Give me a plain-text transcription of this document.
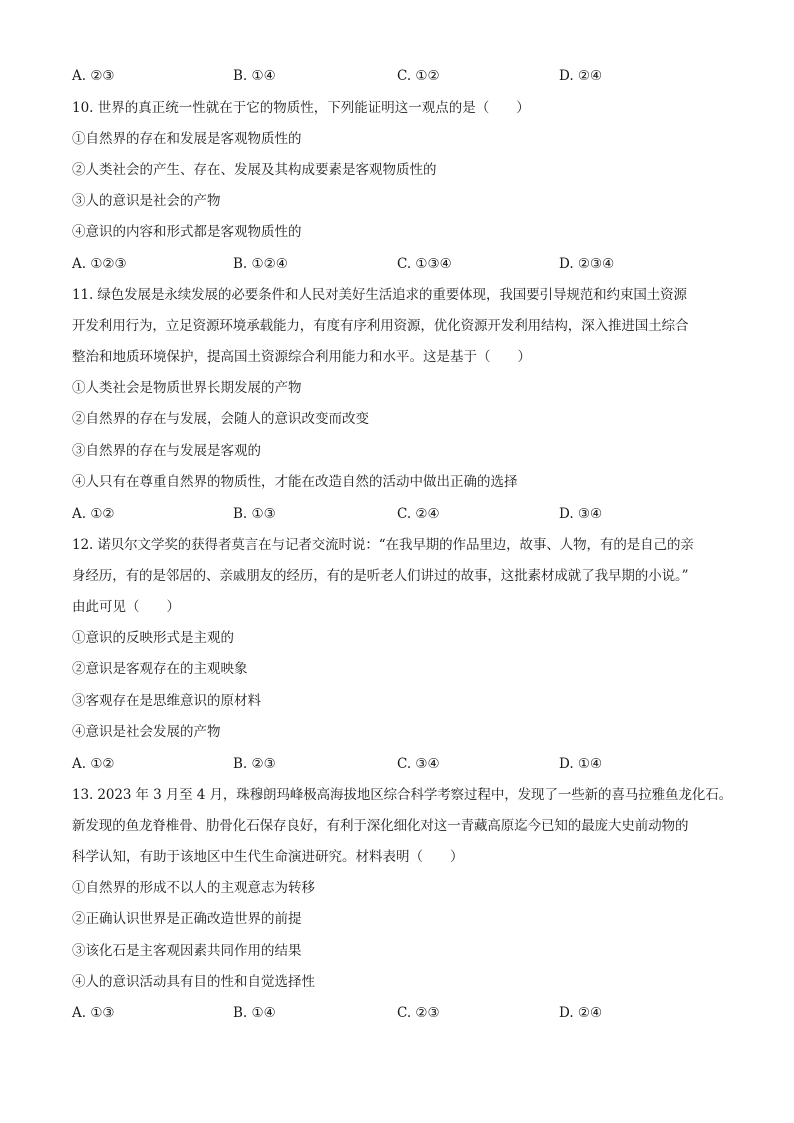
A. ②③	B. ①④	C. ①②	D. ②④
10. 世界的真正统一性就在于它的物质性，下列能证明这一观点的是（　　）
①自然界的存在和发展是客观物质性的
②人类社会的产生、存在、发展及其构成要素是客观物质性的
③人的意识是社会的产物
④意识的内容和形式都是客观物质性的
A. ①②③	B. ①②④	C. ①③④	D. ②③④
11. 绿色发展是永续发展的必要条件和人民对美好生活追求的重要体现，我国要引导规范和约束国土资源
开发利用行为，立足资源环境承载能力，有度有序利用资源，优化资源开发利用结构，深入推进国土综合
整治和地质环境保护，提高国土资源综合利用能力和水平。这是基于（　　）
①人类社会是物质世界长期发展的产物
②自然界的存在与发展，会随人的意识改变而改变
③自然界的存在与发展是客观的
④人只有在尊重自然界的物质性，才能在改造自然的活动中做出正确的选择
A. ①②	B. ①③	C. ②④	D. ③④
12. 诺贝尔文学奖的获得者莫言在与记者交流时说：“在我早期的作品里边，故事、人物，有的是自己的亲
身经历，有的是邻居的、亲戚朋友的经历，有的是听老人们讲过的故事，这批素材成就了我早期的小说。”
由此可见（　　）
①意识的反映形式是主观的
②意识是客观存在的主观映象
③客观存在是思维意识的原材料
④意识是社会发展的产物
A. ①②	B. ②③	C. ③④	D. ①④
13. 2023 年 3 月至 4 月，珠穆朗玛峰极高海拔地区综合科学考察过程中，发现了一些新的喜马拉雅鱼龙化石。
新发现的鱼龙脊椎骨、肋骨化石保存良好，有利于深化细化对这一青藏高原迄今已知的最庞大史前动物的
科学认知，有助于该地区中生代生命演进研究。材料表明（　　）
①自然界的形成不以人的主观意志为转移
②正确认识世界是正确改造世界的前提
③该化石是主客观因素共同作用的结果
④人的意识活动具有目的性和自觉选择性
A. ①③	B. ①④	C. ②③	D. ②④
